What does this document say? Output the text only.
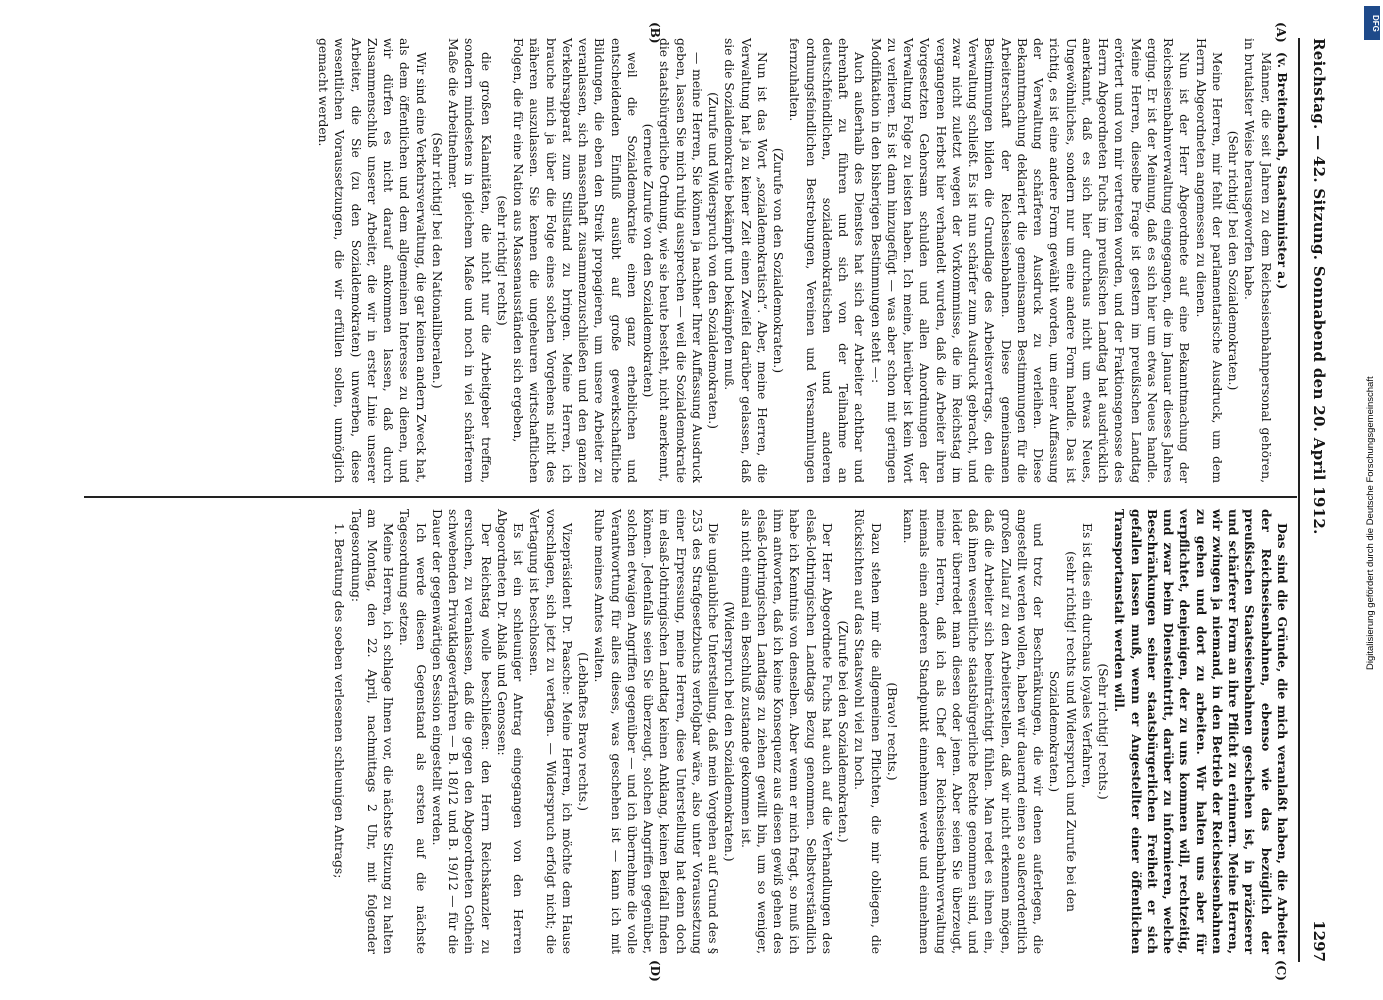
Reichstag. — 42. Sitzung. Sonnabend den 20. April 1912.
1297
(A)
(B)
(C)
(D)

(v. Breitenbach, Staatsminister a.)

Männer, die seit Jahren zu dem Reichseisenbahnpersonal gehören, in brutalster Weise herausgeworfen habe.

(Sehr richtig! bei den Sozialdemokraten.)

Meine Herren, mir fehlt der parlamentarische Ausdruck, um dem Herrn Abgeordneten angemessen zu dienen.

Nun ist der Herr Abgeordnete auf eine Bekanntmachung der Reichseisenbahnverwaltung eingegangen, die im Januar dieses Jahres erging. Er ist der Meinung, daß es sich hier um etwas Neues handle. Meine Herren, dieselbe Frage ist gestern im preußischen Landtag erörtert und von mir vertreten worden, und der Fraktionsgenosse des Herrn Abgeordneten Fuchs im preußischen Landtag hat ausdrücklich anerkannt, daß es sich hier durchaus nicht um etwas Neues, Ungewöhnliches, sondern nur um eine andere Form handle. Das ist richtig, es ist eine andere Form gewählt worden, um einer Auffassung der Verwaltung schärferen Ausdruck zu verleihen. Diese Bekanntmachung deklariert die gemeinsamen Bestimmungen für die Arbeiterschaft der Reichseisenbahnen. Diese gemeinsamen Bestimmungen bilden die Grundlage des Arbeitsvertrags, den die Verwaltung schließt. Es ist nun schärfer zum Ausdruck gebracht, und zwar nicht zuletzt wegen der Vorkommnisse, die im Reichstag im vergangenen Herbst hier verhandelt wurden, daß die Arbeiter ihren Vorgesetzten Gehorsam schulden und allen Anordnungen der Verwaltung Folge zu leisten haben. Ich meine, hierüber ist kein Wort zu verlieren. Es ist dann hinzugefügt — was aber schon mit geringen Modifikation in den bisherigen Bestimmungen steht —:

Auch außerhalb des Dienstes hat sich der Arbeiter achtbar und ehrenhaft zu führen und sich von der Teilnahme an deutschfeindlichen, sozialdemokratischen und anderen ordnungsfeindlichen Bestrebungen, Vereinen und Versammlungen fernzuhalten.

(Zurufe von den Sozialdemokraten.)

Nun ist das Wort „sozialdemokratisch“. Aber, meine Herren, die Verwaltung hat ja zu keiner Zeit einen Zweifel darüber gelassen, daß sie die Sozialdemokratie bekämpft und bekämpfen muß.

(Zurufe und Widerspruch von den Sozialdemokraten.)

— meine Herren, Sie können ja nachher Ihrer Auffassung Ausdruck geben, lassen Sie mich ruhig aussprechen — weil die Sozialdemokratie die staatsbürgerliche Ordnung, wie sie heute besteht, nicht anerkennt,

(erneute Zurufe von den Sozialdemokraten)

weil die Sozialdemokratie einen ganz erheblichen und entscheidenden Einfluß ausübt auf große gewerkschaftliche Bildungen, die eben den Streik propagieren, um unsere Arbeiter zu veranlassen, sich massenhaft zusammenzuschließen und den ganzen Verkehrsapparat zum Stillstand zu bringen. Meine Herren, ich brauche mich ja über die Folge eines solchen Vorgehens nicht des näheren auszulassen. Sie kennen die ungeheuren wirtschaftlichen Folgen, die für eine Nation aus Massenausständen sich ergeben,

(sehr richtig! rechts)

die großen Kalamitäten, die nicht nur die Arbeitgeber treffen, sondern mindestens in gleichem Maße und noch in viel schärferem Maße die Arbeitnehmer.

(Sehr richtig! bei den Nationalliberalen.)

Wir sind eine Verkehrsverwaltung, die gar keinen andern Zweck hat, als dem öffentlichen und dem allgemeinen Interesse zu dienen, und wir dürfen es nicht darauf ankommen lassen, daß durch Zusammenschluß unserer Arbeiter, die wir in erster Linie unserer Arbeiter, die Sie (zu den Sozialdemokraten) unwerben, diese wesentlichen Voraussetzungen, die wir erfüllen sollen, unmöglich gemacht werden.

Das sind die Gründe, die mich veranlaßt haben, die Arbeiter der Reichseisenbahnen, ebenso wie das bezüglich der preußischen Staatseisenbahnen geschehen ist, in präziserer und schärferer Form an ihre Pflicht zu erinnern. Meine Herren, wir zwingen ja niemand, in den Betrieb der Reichseisenbahnen zu gehen und dort zu arbeiten. Wir halten uns aber für verpflichtet, denjenigen, der zu uns kommen will, rechtzeitig, und zwar beim Diensteintritt, darüber zu informieren, welche Beschränkungen seiner staatsbürgerlichen Freiheit er sich gefallen lassen muß, wenn er Angestellter einer öffentlichen Transportanstalt werden will.

(Sehr richtig! rechts.)

Es ist dies ein durchaus loyales Verfahren,

(sehr richtig! rechts und Widerspruch und Zurufe bei den Sozialdemokraten.)

und trotz der Beschränkungen, die wir denen auferlegen, die angestellt werden wollen, haben wir dauernd einen so außerordentlich großen Zulauf zu den Arbeiterstellen, daß wir nicht erkennen mögen, daß die Arbeiter sich beeinträchtigt fühlen. Man redet es ihnen ein, daß ihnen wesentliche staatsbürgerliche Rechte genommen sind, und leider überredet man diesen oder jenen. Aber seien Sie überzeugt, meine Herren, daß ich als Chef der Reichseisenbahnverwaltung niemals einen anderen Standpunkt einnehmen werde und einnehmen kann.

(Bravo! rechts.)

Dazu stehen mir die allgemeinen Pflichten, die mir obliegen, die Rücksichten auf das Staatswohl viel zu hoch.

(Zurufe bei den Sozialdemokraten.)

Der Herr Abgeordnete Fuchs hat auch auf die Verhandlungen des elsaß-lothringischen Landtags Bezug genommen. Selbstverständlich habe ich Kenntnis von denselben. Aber wenn er mich fragt, so muß ich ihm antworten, daß ich keine Konsequenz aus diesen gewiß gehen des elsaß-lothringischen Landtags zu ziehen gewillt bin, um so weniger, als nicht einmal ein Beschluß zustande gekommen ist.

(Widerspruch bei den Sozialdemokraten.)

Die unglaubliche Unterstellung, daß mein Vorgehen auf Grund des § 253 des Strafgesetzbuchs verfolgbar wäre, also unter Voraussetzung einer Erpressung, meine Herren, diese Unterstellung hat denn doch im elsaß-lothringischen Landtag keinen Anklang, keinen Beifall finden können. Jedenfalls seien Sie überzeugt, solchen Angriffen gegenüber, solchen etwaigen Angriffen gegenüber — und ich übernehme die volle Verantwortung für alles dieses, was geschehen ist — kann ich mit Ruhe meines Amtes walten.

(Lebhaftes Bravo rechts.)

Vizepräsident Dr. Paasche: Meine Herren, ich möchte dem Hause vorschlagen, sich jetzt zu vertagen. — Widerspruch erfolgt nicht; die Vertagung ist beschlossen.

Es ist ein schleuniger Antrag eingegangen von den Herren Abgeordneten Dr. Ablaß und Genossen:

Der Reichstag wolle beschließen: den Herrn Reichskanzler zu ersuchen, zu veranlassen, daß die gegen den Abgeordneten Gothein schwebenden Privatklageverfahren — B. 18/12 und B. 19/12 — für die Dauer der gegenwärtigen Session eingestellt werden.

Ich werde diesen Gegenstand als ersten auf die nächste Tagesordnung setzen.

Meine Herren, ich schlage Ihnen vor, die nächste Sitzung zu halten am Montag, den 22. April, nachmittags 2 Uhr, mit folgender Tagesordnung:

1. Beratung des soeben verlesenen schleunigen Antrags;

DFG
Digitalisierung gefördert durch die Deutsche Forschungsgemeinschaft
